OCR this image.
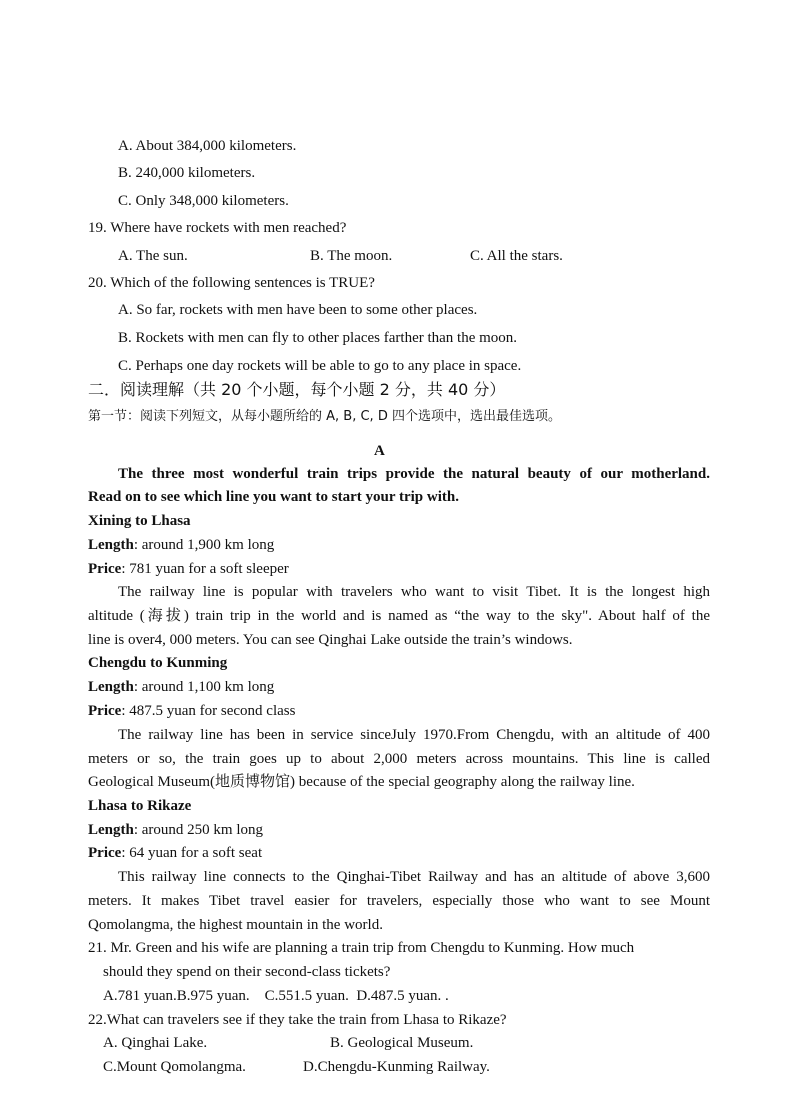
A. About 384,000 kilometers.
B. 240,000 kilometers.
C. Only 348,000 kilometers.
19. Where have rockets with men reached?
A. The sun.	B. The moon.	C. All the stars.
20. Which of the following sentences is TRUE?
A. So far, rockets with men have been to some other places.
B. Rockets with men can fly to other places farther than the moon.
C. Perhaps one day rockets will be able to go to any place in space.
二．阅读理解（共 20 个小题，每个小题 2 分，共 40 分）
第一节：阅读下列短文，从每小题所给的 A, B, C, D 四个选项中，选出最佳选项。
A
The three most wonderful train trips provide the natural beauty of our motherland.
Read on to see which line you want to start your trip with.
Xining to Lhasa
Length: around 1,900 km long
Price: 781 yuan for a soft sleeper
The railway line is popular with travelers who want to visit Tibet. It is the longest high
altitude (海拔) train trip in the world and is named as “the way to the sky". About half of the
line is over4, 000 meters. You can see Qinghai Lake outside the train’s windows.
Chengdu to Kunming
Length: around 1,100 km long
Price: 487.5 yuan for second class
The railway line has been in service sinceJuly 1970.From Chengdu, with an altitude of 400
meters or so, the train goes up to about 2,000 meters across mountains. This line is called
Geological Museum(地质博物馆) because of the special geography along the railway line.
Lhasa to Rikaze
Length: around 250 km long
Price: 64 yuan for a soft seat
This railway line connects to the Qinghai-Tibet Railway and has an altitude of above 3,600
meters. It makes Tibet travel easier for travelers, especially those who want to see Mount
Qomolangma, the highest mountain in the world.
21. Mr. Green and his wife are planning a train trip from Chengdu to Kunming. How much
should they spend on their second-class tickets?
A.781 yuan.B.975 yuan.    C.551.5 yuan.  D.487.5 yuan. .
22.What can travelers see if they take the train from Lhasa to Rikaze?
A. Qinghai Lake.	B. Geological Museum.
C.Mount Qomolangma.	D.Chengdu-Kunming Railway.
